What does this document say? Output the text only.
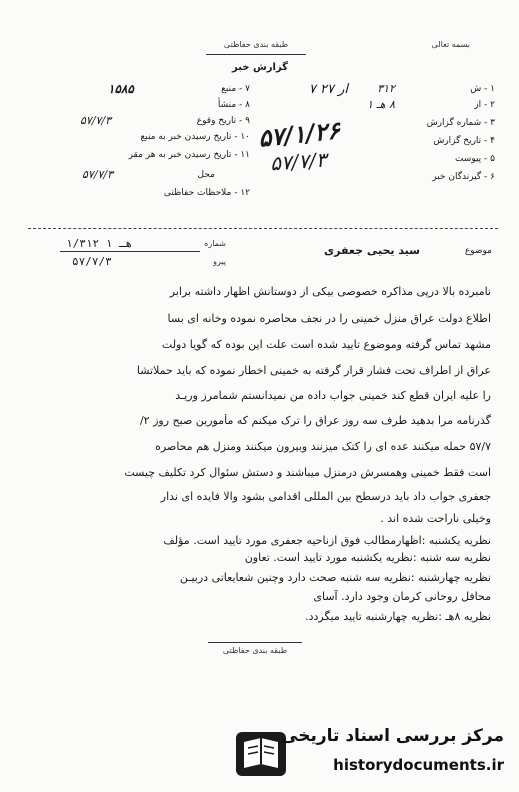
طبقه بندی حفاظتی	بسمه تعالی
گزارش خبر
۱ - ش
۳۱۲
۲ - از
۸ هـ ۱
۳ - شماره گزارش
۴ - تاریخ گزارش
۵ - پیوست
۶ - گیرندگان خبر
۷ - منبع
۱۵۸۵
۸ - منشأ
۹ - تاریخ وقوع
۵۷/۷/۳
۱۰ - تاریخ رسیدن خبر به منبع
۱۱ - تاریخ رسیدن خبر به هر مقر
محل
۵۷/۷/۳
۱۲ - ملاحظات حفاظتی
ار ۲۷ ۷
۵۷/۱/۲۶
۵۷/۷/۳
شماره
۱/۳۱۲ هـ ۱
پیرو
۵۷/۷/۳
موضوع
سید یحیی جعفری
نامبرده بالا درپی مذاکره خصوصی بیکی از دوستانش اظهار داشته برابر
اطلاع دولت عراق منزل خمینی را در نجف محاصره نموده وخانه ای بسا
مشهد تماس گرفته وموضوع تایید شده است علت این بوده که گویا دولت
عراق از اطراف تحت فشار قرار گرفته به خمینی اخطار نموده که باید حملاتشا
را علیه ایران قطع کند خمینی جواب داده من نمیدانستم شمامرز وریـد
گذرنامه مرا بدهید طرف سه روز عراق را ترک میکنم که مأمورین صبح روز ۲/
۵۷/۷ حمله میکنند عده ای را کتک میزنند وبیرون میکنند ومنزل هم محاصره
است فقط خمینی وهمسرش درمنزل میباشند و دستش سئوال کرد تکلیف چیست
جعفری جواب داد باید درسطح بین المللی اقدامی بشود والا فایده ای ندار
وخیلی ناراحت شده اند .
نظریه یکشنبه :اظهارمطالب فوق ازناحیه جعفری مورد تایید است. مؤلف
نظریه سه شنبه :نظریه یکشنبه مورد تایید است. تعاون
نظریه چهارشنبه :نظریه سه شنبه صحت دارد وچنین شعایعاتی دربیـن
محافل روحانی کرمان وجود دارد. آسای
نظریه ۸هـ :نظریه چهارشنبه تایید میگردد.
طبقه بندی حفاظتی
مرکز بررسی اسناد تاریخی
historydocuments.ir
